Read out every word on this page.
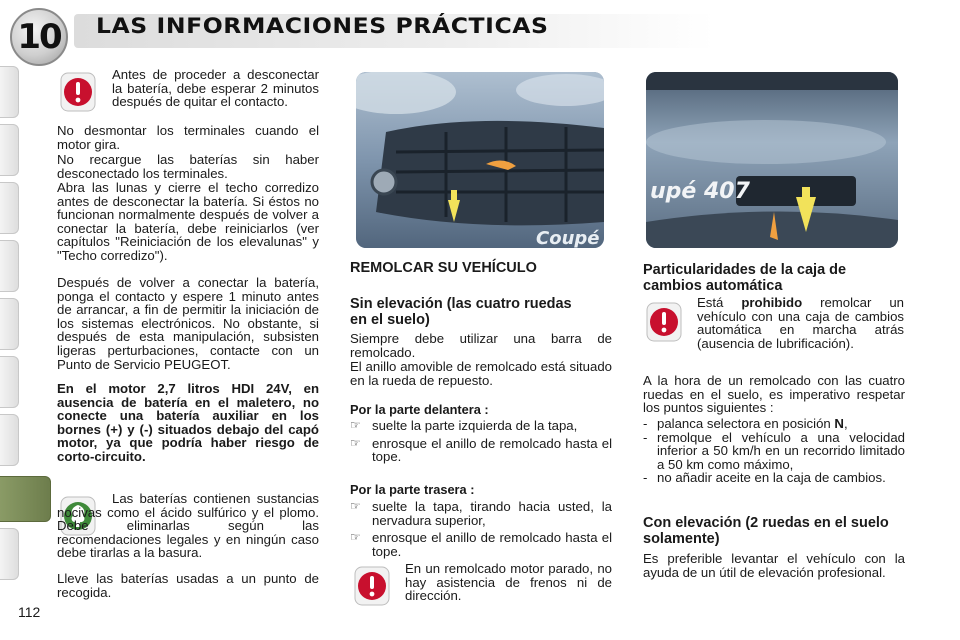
10 LAS INFORMACIONES PRÁCTICAS

Antes de proceder a desconectar la batería, debe esperar 2 minutos después de quitar el contacto.

No desmontar los terminales cuando el motor gira.

No recargue las baterías sin haber desconectado los terminales.

Abra las lunas y cierre el techo corredizo antes de desconectar la batería. Si éstos no funcionan normalmente después de volver a conectar la batería, debe reiniciarlos (ver capítulos "Reiniciación de los elevalunas" y "Techo corredizo").

Después de volver a conectar la batería, ponga el contacto y espere 1 minuto antes de arrancar, a fin de permitir la iniciación de los sistemas electrónicos. No obstante, si después de esta manipulación, subsisten ligeras perturbaciones, contacte con un Punto de Servicio PEUGEOT.

En el motor 2,7 litros HDI 24V, en ausencia de batería en el maletero, no conecte una batería auxiliar en los bornes (+) y (-) situados debajo del capó motor, ya que podría haber riesgo de corto-circuito.

Las baterías contienen sustancias nocivas como el ácido sulfúrico y el plomo. Debe eliminarlas según las recomendaciones legales y en ningún caso debe tirarlas a la basura.

Lleve las baterías usadas a un punto de recogida.

112
Coupé
upé 407
REMOLCAR SU VEHÍCULO
Sin elevación (las cuatro ruedas en el suelo)

Siempre debe utilizar una barra de remolcado.

El anillo amovible de remolcado está situado en la rueda de repuesto.

Por la parte delantera :
☞ suelte la parte izquierda de la tapa,
☞ enrosque el anillo de remolcado hasta el tope.
Por la parte trasera :
☞ suelte la tapa, tirando hacia usted, la nervadura superior,
☞ enrosque el anillo de remolcado hasta el tope.

En un remolcado motor parado, no hay asistencia de frenos ni de dirección.

Particularidades de la caja de cambios automática

Está prohibido remolcar un vehículo con una caja de cambios automática en marcha atrás (ausencia de lubrificación).

A la hora de un remolcado con las cuatro ruedas en el suelo, es imperativo respetar los puntos siguientes :

- palanca selectora en posición N,
- remolque el vehículo a una velocidad inferior a 50 km/h en un recorrido limitado a 50 km como máximo,
- no añadir aceite en la caja de cambios.
Con elevación (2 ruedas en el suelo solamente)

Es preferible levantar el vehículo con la ayuda de un útil de elevación profesional.
